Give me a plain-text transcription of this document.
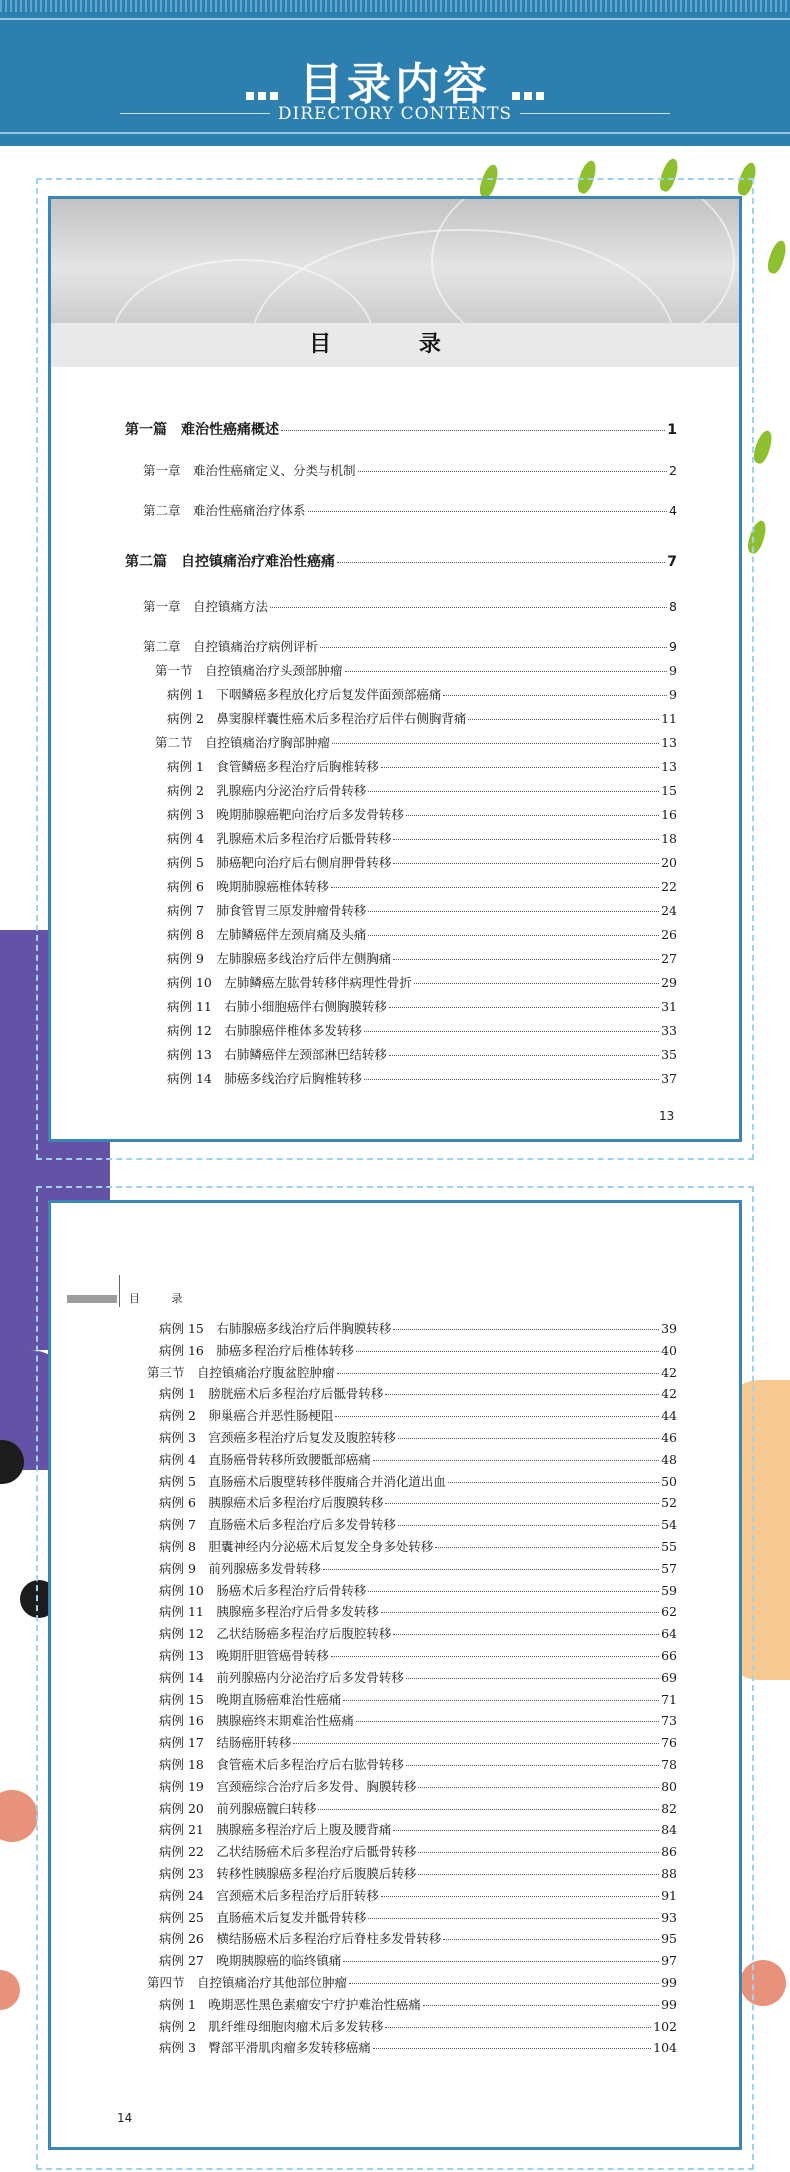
目录内容
DIRECTORY CONTENTS
目 录
第一篇　难治性癌痛概述	1
第一章　难治性癌痛定义、分类与机制	2
第二章　难治性癌痛治疗体系	4
第二篇　自控镇痛治疗难治性癌痛	7
第一章　自控镇痛方法	8
第二章　自控镇痛治疗病例评析	9
第一节　自控镇痛治疗头颈部肿瘤	9
病例 1　下咽鳞癌多程放化疗后复发伴面颈部癌痛	9
病例 2　鼻窦腺样囊性癌术后多程治疗后伴右侧胸背痛	11
第二节　自控镇痛治疗胸部肿瘤	13
病例 1　食管鳞癌多程治疗后胸椎转移	13
病例 2　乳腺癌内分泌治疗后骨转移	15
病例 3　晚期肺腺癌靶向治疗后多发骨转移	16
病例 4　乳腺癌术后多程治疗后骶骨转移	18
病例 5　肺癌靶向治疗后右侧肩胛骨转移	20
病例 6　晚期肺腺癌椎体转移	22
病例 7　肺食管胃三原发肿瘤骨转移	24
病例 8　左肺鳞癌伴左颈肩痛及头痛	26
病例 9　左肺腺癌多线治疗后伴左侧胸痛	27
病例 10　左肺鳞癌左肱骨转移伴病理性骨折	29
病例 11　右肺小细胞癌伴右侧胸膜转移	31
病例 12　右肺腺癌伴椎体多发转移	33
病例 13　右肺鳞癌伴左颈部淋巴结转移	35
病例 14　肺癌多线治疗后胸椎转移	37
13
目 录
病例 15　右肺腺癌多线治疗后伴胸膜转移	39
病例 16　肺癌多程治疗后椎体转移	40
第三节　自控镇痛治疗腹盆腔肿瘤	42
病例 1　膀胱癌术后多程治疗后骶骨转移	42
病例 2　卵巢癌合并恶性肠梗阻	44
病例 3　宫颈癌多程治疗后复发及腹腔转移	46
病例 4　直肠癌骨转移所致腰骶部癌痛	48
病例 5　直肠癌术后腹壁转移伴腹痛合并消化道出血	50
病例 6　胰腺癌术后多程治疗后腹膜转移	52
病例 7　直肠癌术后多程治疗后多发骨转移	54
病例 8　胆囊神经内分泌癌术后复发全身多处转移	55
病例 9　前列腺癌多发骨转移	57
病例 10　肠癌术后多程治疗后骨转移	59
病例 11　胰腺癌多程治疗后骨多发转移	62
病例 12　乙状结肠癌多程治疗后腹腔转移	64
病例 13　晚期肝胆管癌骨转移	66
病例 14　前列腺癌内分泌治疗后多发骨转移	69
病例 15　晚期直肠癌难治性癌痛	71
病例 16　胰腺癌终末期难治性癌痛	73
病例 17　结肠癌肝转移	76
病例 18　食管癌术后多程治疗后右肱骨转移	78
病例 19　宫颈癌综合治疗后多发骨、胸膜转移	80
病例 20　前列腺癌髋臼转移	82
病例 21　胰腺癌多程治疗后上腹及腰背痛	84
病例 22　乙状结肠癌术后多程治疗后骶骨转移	86
病例 23　转移性胰腺癌多程治疗后腹膜后转移	88
病例 24　宫颈癌术后多程治疗后肝转移	91
病例 25　直肠癌术后复发并骶骨转移	93
病例 26　横结肠癌术后多程治疗后脊柱多发骨转移	95
病例 27　晚期胰腺癌的临终镇痛	97
第四节　自控镇痛治疗其他部位肿瘤	99
病例 1　晚期恶性黑色素瘤安宁疗护难治性癌痛	99
病例 2　肌纤维母细胞肉瘤术后多发转移	102
病例 3　臀部平滑肌肉瘤多发转移癌痛	104
14
